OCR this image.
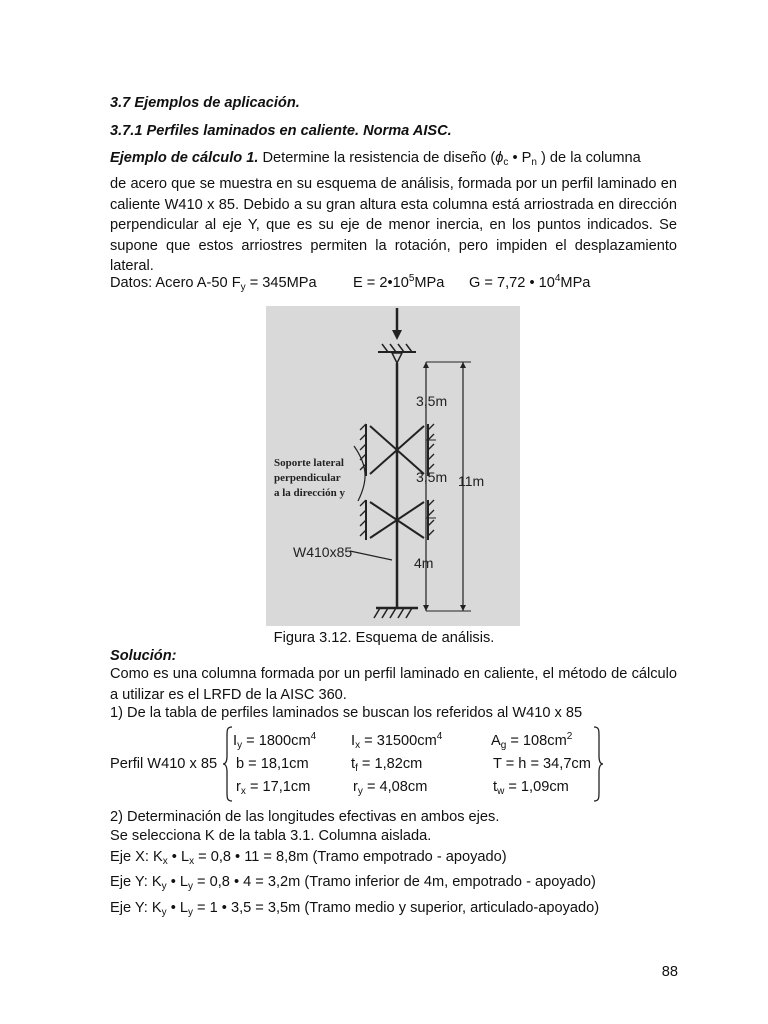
3.7 Ejemplos de aplicación.
3.7.1 Perfiles laminados en caliente. Norma AISC.
Ejemplo de cálculo 1. Determine la resistencia de diseño ($\phi_c$ • $P_n$ ) de la columna
de acero que se muestra en su esquema de análisis, formada por un perfil laminado en caliente W410 x 85. Debido a su gran altura esta columna está arriostrada en dirección perpendicular al eje Y, que es su eje de menor inercia, en los puntos indicados. Se supone que estos arriostres permiten la rotación, pero impiden el desplazamiento lateral.
Datos: Acero A-50 $F_y = 345MPa$ $E = 2•10^5MPa$ G = 7,72 • $10^4MPa$
3,5m
3,5m 11m
4m
Soporte lateral
perpendicular
a la dirección y
W410x85
Figura 3.12. Esquema de análisis.
Solución:
Como es una columna formada por un perfil laminado en caliente, el método de cálculo a utilizar es el LRFD de la AISC 360.
1) De la tabla de perfiles laminados se buscan los referidos al W410 x 85
Perfil W410 x 85
$I_y = 1800cm^4$ $I_x = 31500cm^4$	$A_g = 108cm^2$
b = 18,1cm	$t_f = 1,82cm$	T = h = 34,7cm
$r_x = 17,1cm$	$r_y = 4,08cm$	$t_w = 1,09cm$
2) Determinación de las longitudes efectivas en ambos ejes.
Se selecciona K de la tabla 3.1. Columna aislada.
Eje X: $K_x$ • $L_x = 0,8$ • 11 = 8,8m (Tramo empotrado - apoyado)
Eje Y: $K_y$ • $L_y = 0,8$ • 4 = 3,2m (Tramo inferior de 4m, empotrado - apoyado)
Eje Y: $K_y$ • $L_y = 1$ • 3,5 = 3,5m (Tramo medio y superior, articulado-apoyado)
88
